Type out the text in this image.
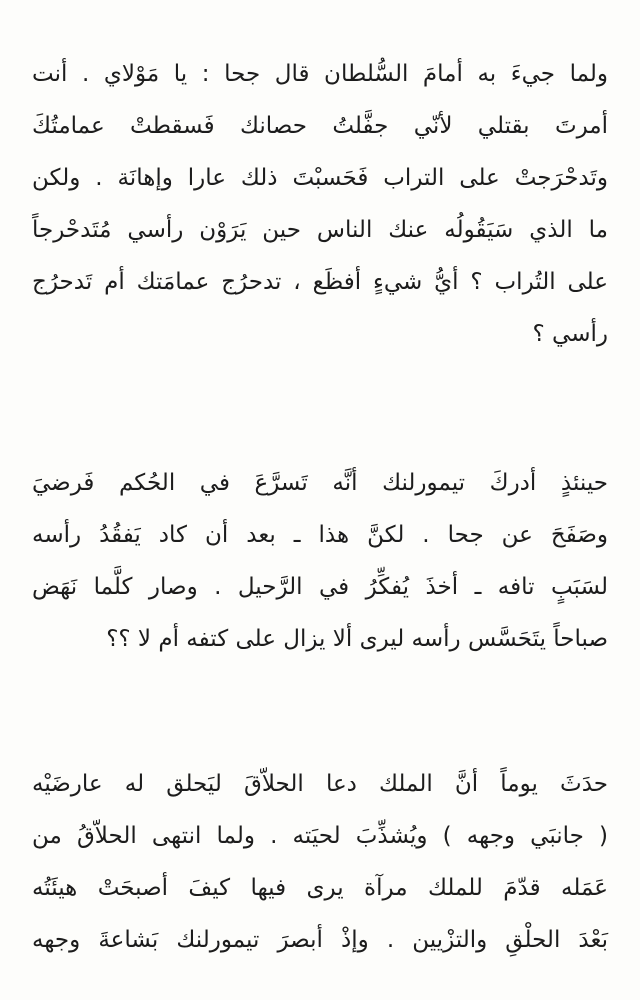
ولما جيءَ به أمامَ السُّلطان قال جحا : يا مَوْلاي . أنت
أمرتَ بقتلي لأنّي جفَّلتُ حصانك فَسقطتْ عمامتُكَ
وتَدحْرَجتْ على التراب فَحَسبْتَ ذلك عارا وإهانَة . ولكن
ما الذي سَيَقُولُه عنك الناس حين يَرَوْن رأسي مُتَدحْرجاً
على التُراب ؟ أيُّ شيءٍ أفظَع ، تدحرُج عمامَتك أم تَدحرُج
رأسي ؟
حينئذٍ أدركَ تيمورلنك أنَّه تَسرَّعَ في الحُكم فَرضيَ
وصَفَحَ عن جحا . لكنَّ هذا ـ بعد أن كاد يَفقُدُ رأسه
لسَبَبٍ تافه ـ أخذَ يُفكِّرُ في الرَّحيل . وصار كلَّما نَهَض
صباحاً يتَحَسَّس رأسه ليرى ألا يزال على كتفه أم لا ؟؟
حدَثَ يوماً أنَّ الملك دعا الحلاّقَ ليَحلق له عارضَيْه
( جانبَي وجهه ) ويُشذِّبَ لحيَته . ولما انتهى الحلاّقُ من
عَمَله قدّمَ للملك مرآة يرى فيها كيفَ أصبحَتْ هيئَتُه
بَعْدَ الحلْقِ والتزْيين . وإذْ أبصرَ تيمورلنك بَشاعةَ وجهه
